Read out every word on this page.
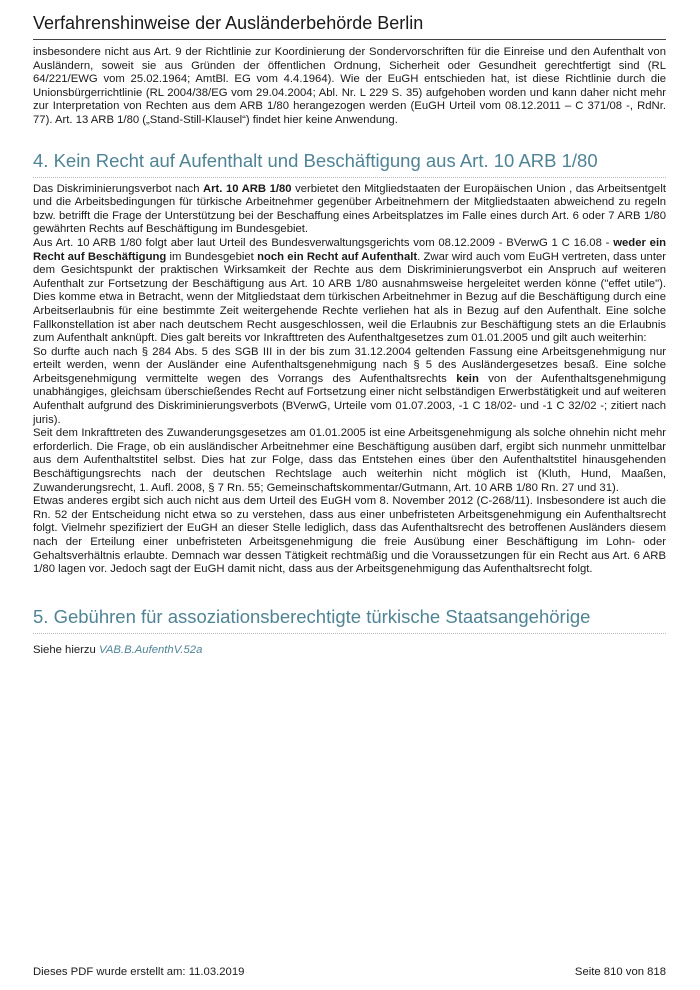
Verfahrenshinweise der Ausländerbehörde Berlin

insbesondere nicht aus Art. 9 der Richtlinie zur Koordinierung der Sondervorschriften für die Einreise und den Aufenthalt von Ausländern, soweit sie aus Gründen der öffentlichen Ordnung, Sicherheit oder Gesundheit gerechtfertigt sind (RL 64/221/EWG vom 25.02.1964; AmtBl. EG vom 4.4.1964). Wie der EuGH entschieden hat, ist diese Richtlinie durch die Unionsbürgerrichtlinie (RL 2004/38/EG vom 29.04.2004; Abl. Nr. L 229 S. 35) aufgehoben worden und kann daher nicht mehr zur Interpretation von Rechten aus dem ARB 1/80 herangezogen werden (EuGH Urteil vom 08.12.2011 – C 371/08 -, RdNr. 77). Art. 13 ARB 1/80 („Stand-Still-Klausel“) findet hier keine Anwendung.

4. Kein Recht auf Aufenthalt und Beschäftigung aus Art. 10 ARB 1/80

Das Diskriminierungsverbot nach Art. 10 ARB 1/80 verbietet den Mitgliedstaaten der Europäischen Union , das Arbeitsentgelt und die Arbeitsbedingungen für türkische Arbeitnehmer gegenüber Arbeitnehmern der Mitgliedstaaten abweichend zu regeln bzw. betrifft die Frage der Unterstützung bei der Beschaffung eines Arbeitsplatzes im Falle eines durch Art. 6 oder 7 ARB 1/80 gewährten Rechts auf Beschäftigung im Bundesgebiet.

Aus Art. 10 ARB 1/80 folgt aber laut Urteil des Bundesverwaltungsgerichts vom 08.12.2009 - BVerwG 1 C 16.08 - weder ein Recht auf Beschäftigung im Bundesgebiet noch ein Recht auf Aufenthalt. Zwar wird auch vom EuGH vertreten, dass unter dem Gesichtspunkt der praktischen Wirksamkeit der Rechte aus dem Diskriminierungsverbot ein Anspruch auf weiteren Aufenthalt zur Fortsetzung der Beschäftigung aus Art. 10 ARB 1/80 ausnahmsweise hergeleitet werden könne ("effet utile"). Dies komme etwa in Betracht, wenn der Mitgliedstaat dem türkischen Arbeitnehmer in Bezug auf die Beschäftigung durch eine Arbeitserlaubnis für eine bestimmte Zeit weitergehende Rechte verliehen hat als in Bezug auf den Aufenthalt. Eine solche Fallkonstellation ist aber nach deutschem Recht ausgeschlossen, weil die Erlaubnis zur Beschäftigung stets an die Erlaubnis zum Aufenthalt anknüpft. Dies galt bereits vor Inkrafttreten des Aufenthaltgesetzes zum 01.01.2005 und gilt auch weiterhin:

So durfte auch nach § 284 Abs. 5 des SGB III in der bis zum 31.12.2004 geltenden Fassung eine Arbeitsgenehmigung nur erteilt werden, wenn der Ausländer eine Aufenthaltsgenehmigung nach § 5 des Ausländergesetzes besaß. Eine solche Arbeitsgenehmigung vermittelte wegen des Vorrangs des Aufenthaltsrechts kein von der Aufenthaltsgenehmigung unabhängiges, gleichsam überschießendes Recht auf Fortsetzung einer nicht selbständigen Erwerbstätigkeit und auf weiteren Aufenthalt aufgrund des Diskriminierungsverbots (BVerwG, Urteile vom 01.07.2003, -1 C 18/02- und -1 C 32/02 -; zitiert nach juris).

Seit dem Inkrafttreten des Zuwanderungsgesetzes am 01.01.2005 ist eine Arbeitsgenehmigung als solche ohnehin nicht mehr erforderlich. Die Frage, ob ein ausländischer Arbeitnehmer eine Beschäftigung ausüben darf, ergibt sich nunmehr unmittelbar aus dem Aufenthaltstitel selbst. Dies hat zur Folge, dass das Entstehen eines über den Aufenthaltstitel hinausgehenden Beschäftigungsrechts nach der deutschen Rechtslage auch weiterhin nicht möglich ist (Kluth, Hund, Maaßen, Zuwanderungsrecht, 1. Aufl. 2008, § 7 Rn. 55; Gemeinschaftskommentar/Gutmann, Art. 10 ARB 1/80 Rn. 27 und 31).

Etwas anderes ergibt sich auch nicht aus dem Urteil des EuGH vom 8. November 2012 (C-268/11). Insbesondere ist auch die Rn. 52 der Entscheidung nicht etwa so zu verstehen, dass aus einer unbefristeten Arbeitsgenehmigung ein Aufenthaltsrecht folgt. Vielmehr spezifiziert der EuGH an dieser Stelle lediglich, dass das Aufenthaltsrecht des betroffenen Ausländers diesem nach der Erteilung einer unbefristeten Arbeitsgenehmigung die freie Ausübung einer Beschäftigung im Lohn- oder Gehaltsverhältnis erlaubte. Demnach war dessen Tätigkeit rechtmäßig und die Voraussetzungen für ein Recht aus Art. 6 ARB 1/80 lagen vor. Jedoch sagt der EuGH damit nicht, dass aus der Arbeitsgenehmigung das Aufenthaltsrecht folgt.

5. Gebühren für assoziationsberechtigte türkische Staatsangehörige

Siehe hierzu VAB.B.AufenthV.52a

Dieses PDF wurde erstellt am: 11.03.2019	Seite 810 von 818
